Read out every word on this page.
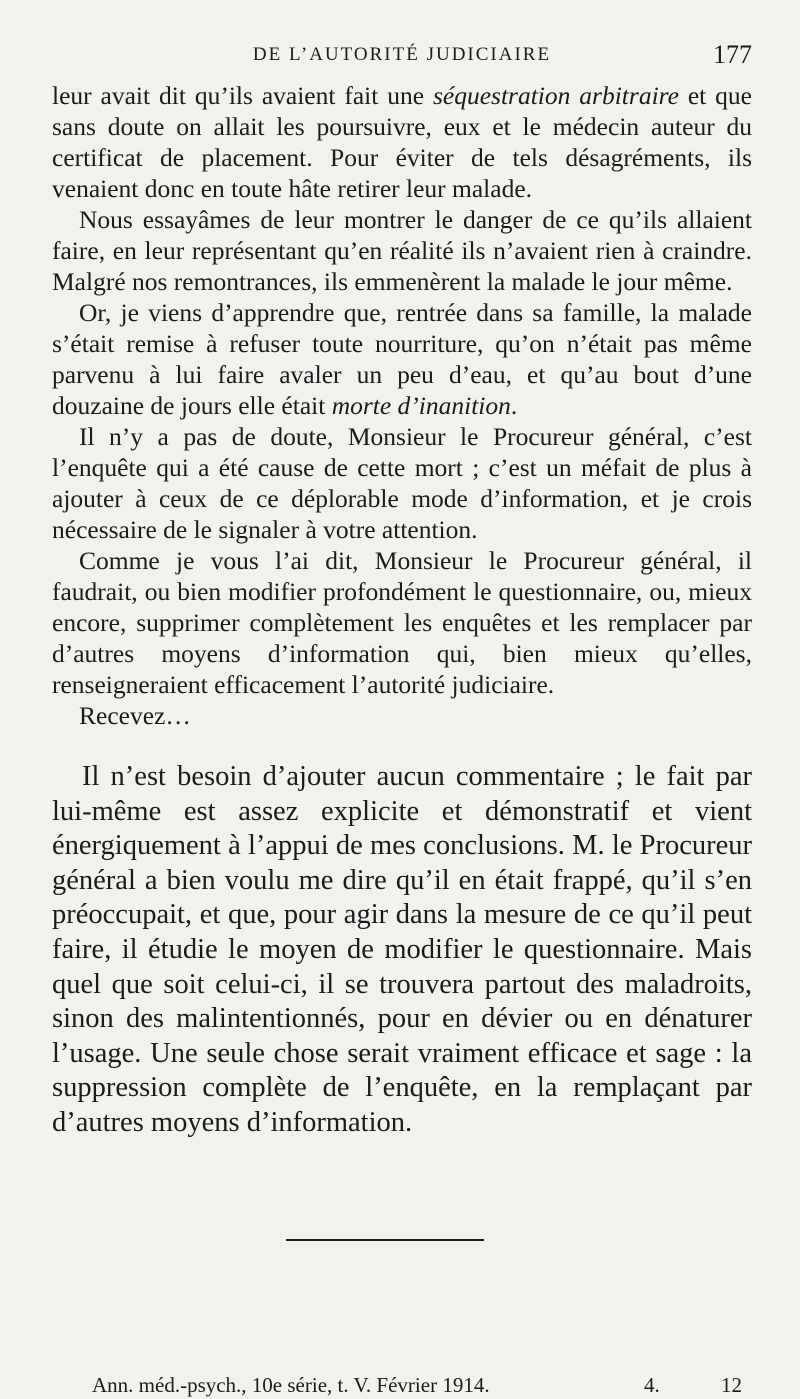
DE L’AUTORITÉ JUDICIAIRE	177

leur avait dit qu’ils avaient fait une séquestration arbitraire et que sans doute on allait les poursuivre, eux et le médecin auteur du certificat de placement. Pour éviter de tels désagréments, ils venaient donc en toute hâte retirer leur malade.

Nous essayâmes de leur montrer le danger de ce qu’ils allaient faire, en leur représentant qu’en réalité ils n’avaient rien à craindre. Malgré nos remontrances, ils emmenèrent la malade le jour même.

Or, je viens d’apprendre que, rentrée dans sa famille, la malade s’était remise à refuser toute nourriture, qu’on n’était pas même parvenu à lui faire avaler un peu d’eau, et qu’au bout d’une douzaine de jours elle était morte d’inanition.

Il n’y a pas de doute, Monsieur le Procureur général, c’est l’enquête qui a été cause de cette mort ; c’est un méfait de plus à ajouter à ceux de ce déplorable mode d’information, et je crois nécessaire de le signaler à votre attention.

Comme je vous l’ai dit, Monsieur le Procureur général, il faudrait, ou bien modifier profondément le questionnaire, ou, mieux encore, supprimer complètement les enquêtes et les remplacer par d’autres moyens d’information qui, bien mieux qu’elles, renseigneraient efficacement l’autorité judiciaire.

Recevez…

Il n’est besoin d’ajouter aucun commentaire ; le fait par lui-même est assez explicite et démonstratif et vient énergiquement à l’appui de mes conclusions. M. le Procureur général a bien voulu me dire qu’il en était frappé, qu’il s’en préoccupait, et que, pour agir dans la mesure de ce qu’il peut faire, il étudie le moyen de modifier le questionnaire. Mais quel que soit celui-ci, il se trouvera partout des maladroits, sinon des malintentionnés, pour en dévier ou en dénaturer l’usage. Une seule chose serait vraiment efficace et sage : la suppression complète de l’enquête, en la remplaçant par d’autres moyens d’information.

Ann. méd.-psych., 10e série, t. V. Février 1914.	4.	12
